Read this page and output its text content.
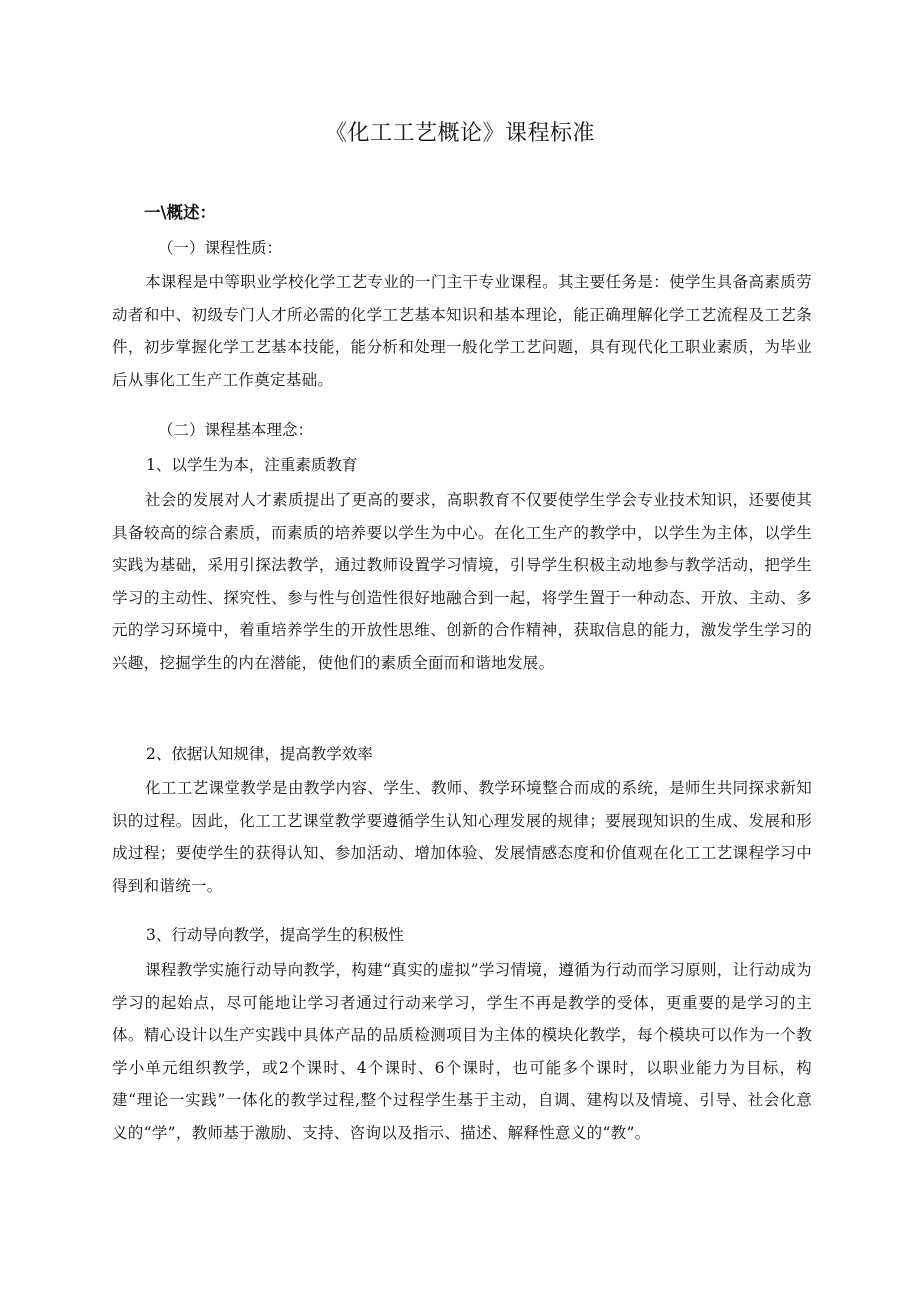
《化工工艺概论》课程标准
一\概述：
（一）课程性质：
本课程是中等职业学校化学工艺专业的一门主干专业课程。其主要任务是：使学生具备高素质劳动者和中、初级专门人才所必需的化学工艺基本知识和基本理论，能正确理解化学工艺流程及工艺条件，初步掌握化学工艺基本技能，能分析和处理一般化学工艺问题，具有现代化工职业素质，为毕业后从事化工生产工作奠定基础。
（二）课程基本理念：
1、以学生为本，注重素质教育
社会的发展对人才素质提出了更高的要求，高职教育不仅要使学生学会专业技术知识，还要使其具备较高的综合素质，而素质的培养要以学生为中心。在化工生产的教学中，以学生为主体，以学生实践为基础，采用引探法教学，通过教师设置学习情境，引导学生积极主动地参与教学活动，把学生学习的主动性、探究性、参与性与创造性很好地融合到一起，将学生置于一种动态、开放、主动、多元的学习环境中，着重培养学生的开放性思维、创新的合作精神，获取信息的能力，激发学生学习的兴趣，挖掘学生的内在潜能，使他们的素质全面而和谐地发展。
2、依据认知规律，提高教学效率
化工工艺课堂教学是由教学内容、学生、教师、教学环境整合而成的系统，是师生共同探求新知识的过程。因此，化工工艺课堂教学要遵循学生认知心理发展的规律；要展现知识的生成、发展和形成过程；要使学生的获得认知、参加活动、增加体验、发展情感态度和价值观在化工工艺课程学习中得到和谐统一。
3、行动导向教学，提高学生的积极性
课程教学实施行动导向教学，构建“真实的虚拟”学习情境，遵循为行动而学习原则，让行动成为学习的起始点，尽可能地让学习者通过行动来学习，学生不再是教学的受体，更重要的是学习的主体。精心设计以生产实践中具体产品的品质检测项目为主体的模块化教学，每个模块可以作为一个教学小单元组织教学，或2个课时、4个课时、6个课时，也可能多个课时，以职业能力为目标，构建“理论一实践”一体化的教学过程,整个过程学生基于主动，自调、建构以及情境、引导、社会化意义的“学”，教师基于激励、支持、咨询以及指示、描述、解释性意义的“教”。
